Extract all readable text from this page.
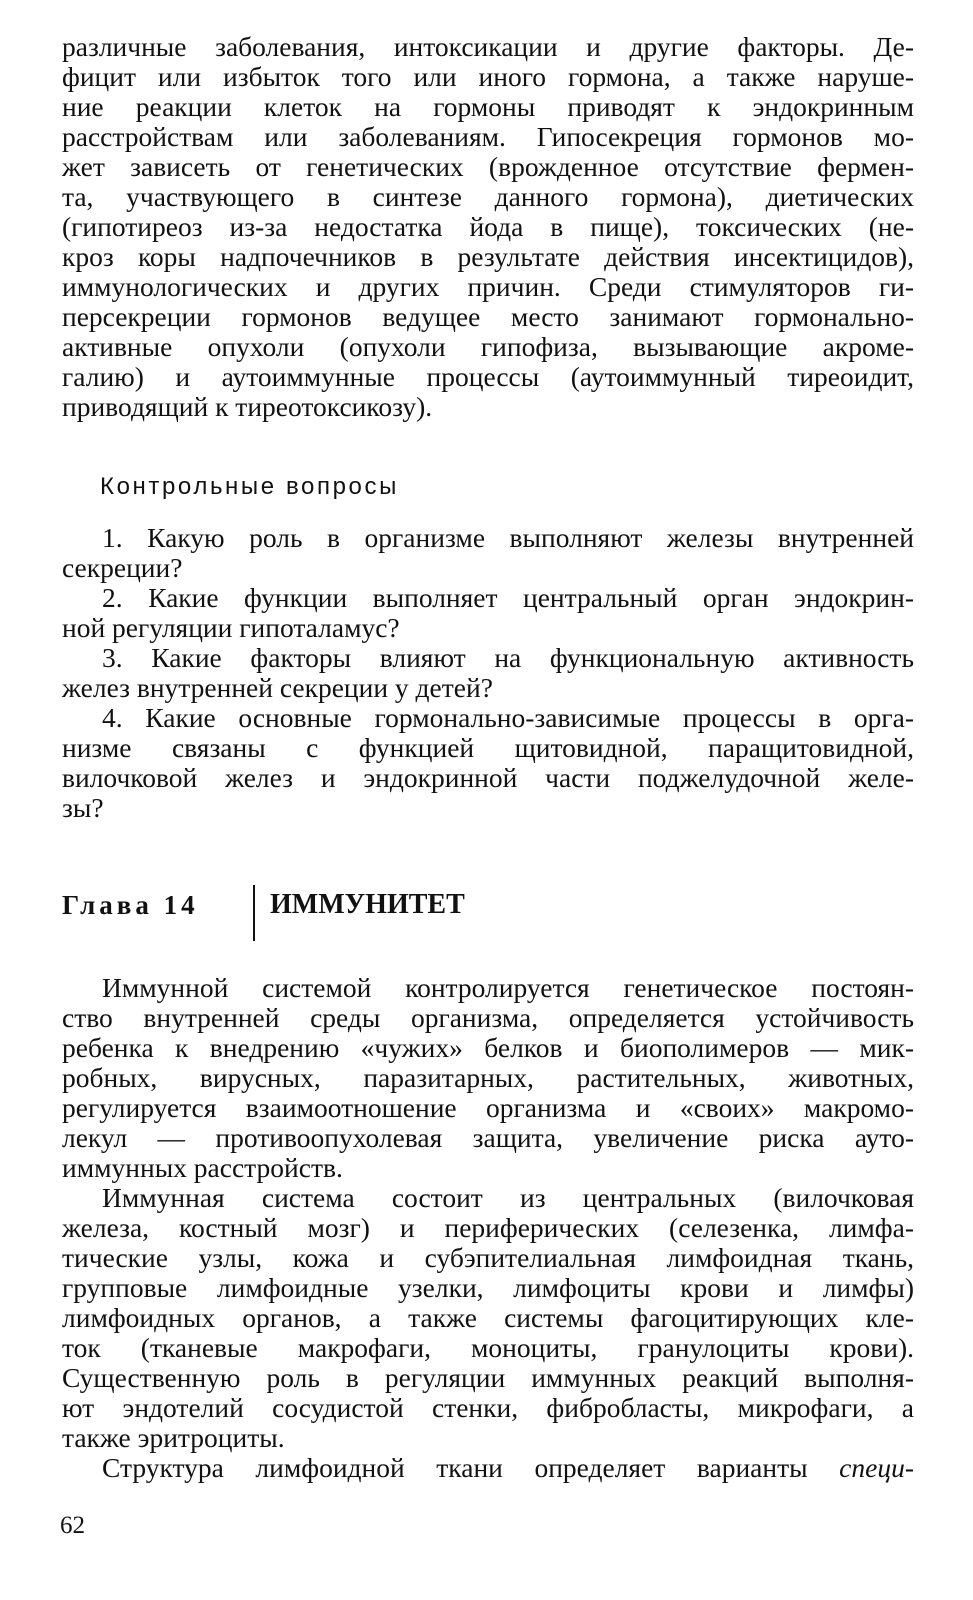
различные заболевания, интоксикации и другие факторы. Де-
фицит или избыток того или иного гормона, а также наруше-
ние реакции клеток на гормоны приводят к эндокринным
расстройствам или заболеваниям. Гипосекреция гормонов мо-
жет зависеть от генетических (врожденное отсутствие фермен-
та, участвующего в синтезе данного гормона), диетических
(гипотиреоз из-за недостатка йода в пище), токсических (не-
кроз коры надпочечников в результате действия инсектицидов),
иммунологических и других причин. Среди стимуляторов ги-
персекреции гормонов ведущее место занимают гормонально-
активные опухоли (опухоли гипофиза, вызывающие акроме-
галию) и аутоиммунные процессы (аутоиммунный тиреоидит,
приводящий к тиреотоксикозу).
Контрольные вопросы
1. Какую роль в организме выполняют железы внутренней
секреции?
2. Какие функции выполняет центральный орган эндокрин-
ной регуляции гипоталамус?
3. Какие факторы влияют на функциональную активность
желез внутренней секреции у детей?
4. Какие основные гормонально-зависимые процессы в орга-
низме связаны с функцией щитовидной, паращитовидной,
вилочковой желез и эндокринной части поджелудочной желе-
зы?
Глава 14	ИММУНИТЕТ
Иммунной системой контролируется генетическое постоян-
ство внутренней среды организма, определяется устойчивость
ребенка к внедрению «чужих» белков и биополимеров — мик-
робных, вирусных, паразитарных, растительных, животных,
регулируется взаимоотношение организма и «своих» макромо-
лекул — противоопухолевая защита, увеличение риска ауто-
иммунных расстройств.
Иммунная система состоит из центральных (вилочковая
железа, костный мозг) и периферических (селезенка, лимфа-
тические узлы, кожа и субэпителиальная лимфоидная ткань,
групповые лимфоидные узелки, лимфоциты крови и лимфы)
лимфоидных органов, а также системы фагоцитирующих кле-
ток (тканевые макрофаги, моноциты, гранулоциты крови).
Существенную роль в регуляции иммунных реакций выполня-
ют эндотелий сосудистой стенки, фибробласты, микрофаги, а
также эритроциты.
Структура лимфоидной ткани определяет варианты специ-
62
